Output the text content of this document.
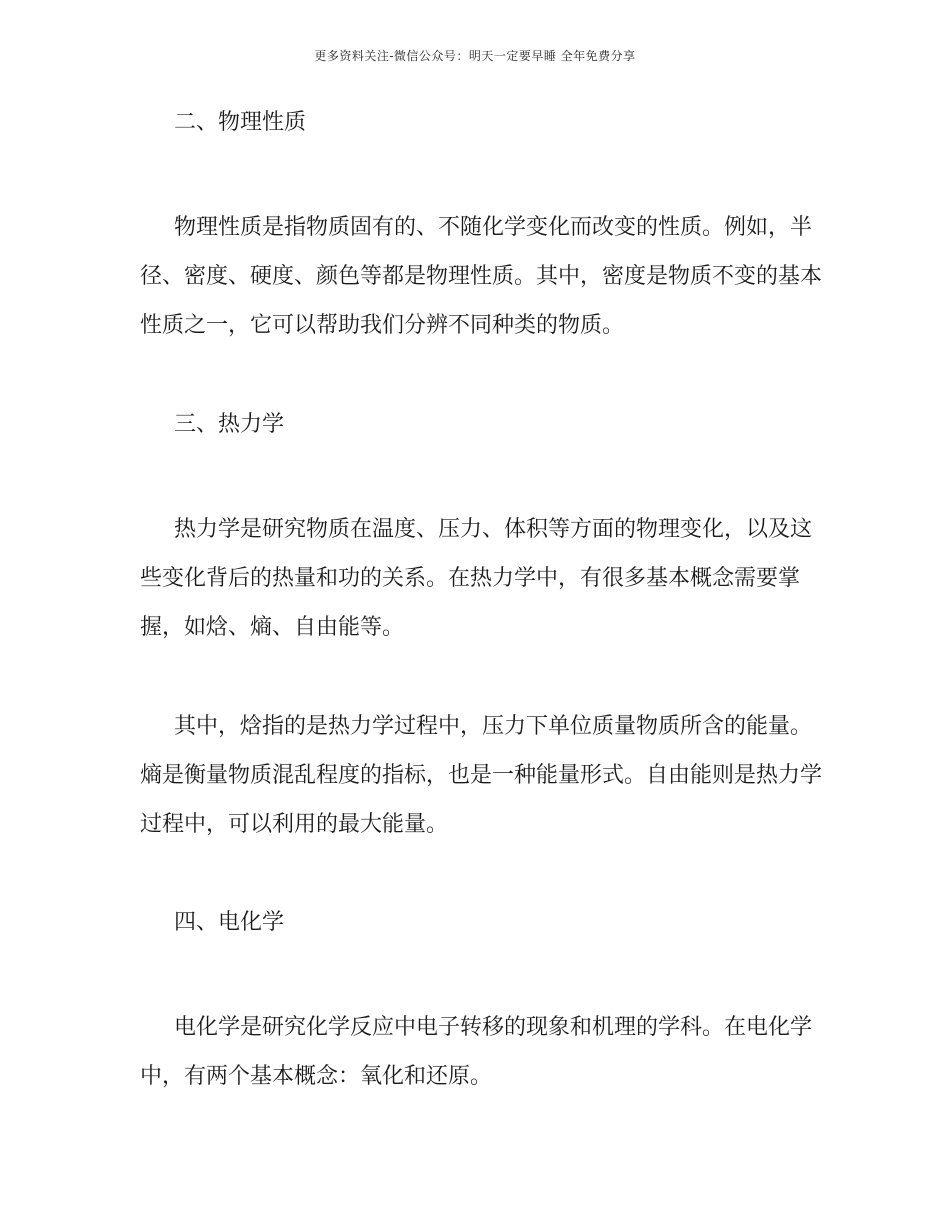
更多资料关注-微信公众号：明天一定要早睡 全年免费分享

二、物理性质

物理性质是指物质固有的、不随化学变化而改变的性质。例如，半径、密度、硬度、颜色等都是物理性质。其中，密度是物质不变的基本性质之一，它可以帮助我们分辨不同种类的物质。

三、热力学

热力学是研究物质在温度、压力、体积等方面的物理变化，以及这些变化背后的热量和功的关系。在热力学中，有很多基本概念需要掌握，如焓、熵、自由能等。

其中，焓指的是热力学过程中，压力下单位质量物质所含的能量。熵是衡量物质混乱程度的指标，也是一种能量形式。自由能则是热力学过程中，可以利用的最大能量。

四、电化学

电化学是研究化学反应中电子转移的现象和机理的学科。在电化学中，有两个基本概念：氧化和还原。
